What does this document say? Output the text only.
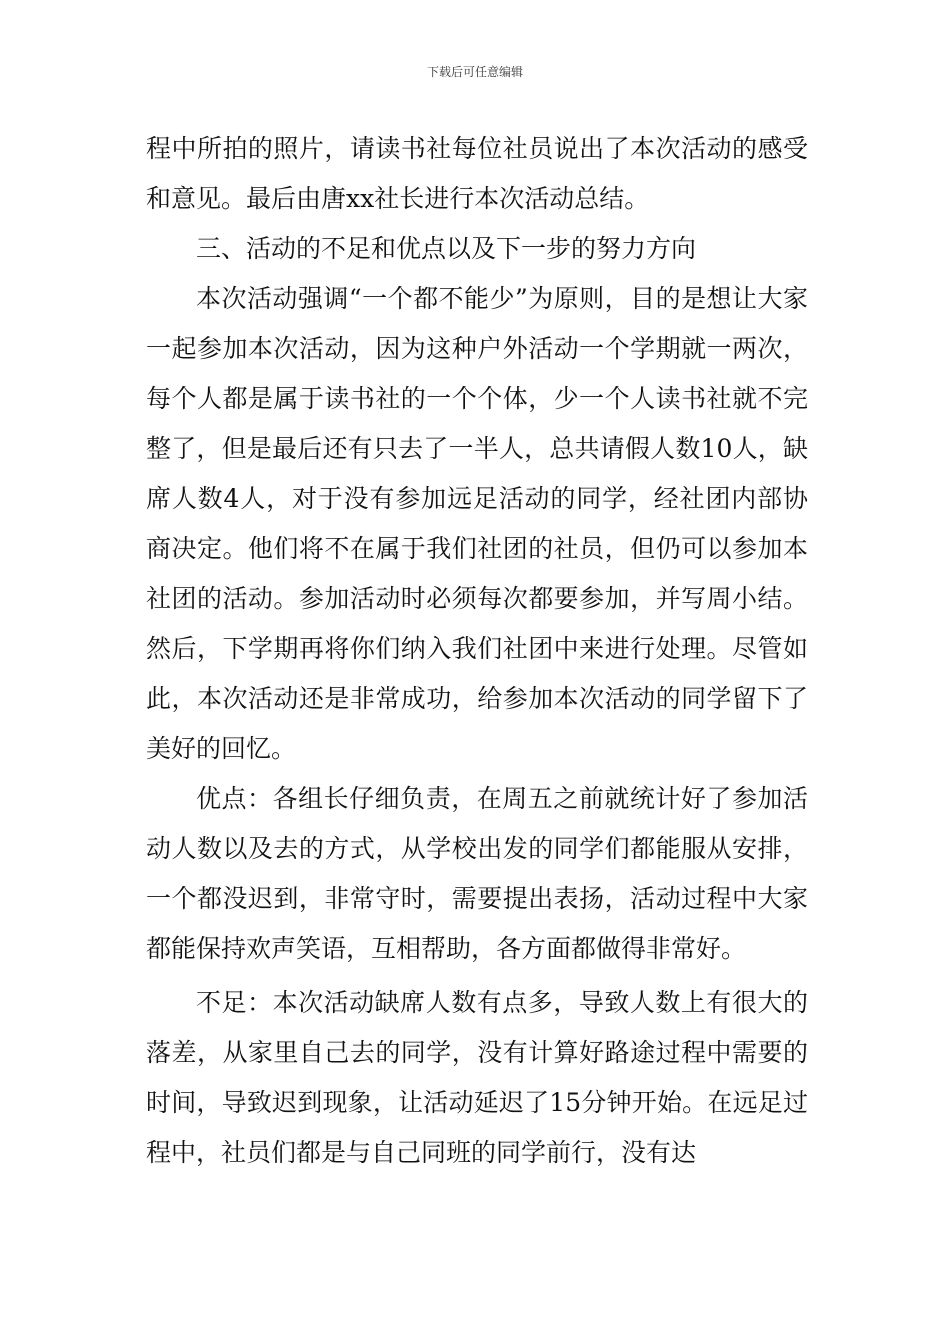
下载后可任意编辑

程中所拍的照片，请读书社每位社员说出了本次活动的感受和意见。最后由唐xx社长进行本次活动总结。

三、活动的不足和优点以及下一步的努力方向

本次活动强调“一个都不能少”为原则，目的是想让大家一起参加本次活动，因为这种户外活动一个学期就一两次，每个人都是属于读书社的一个个体，少一个人读书社就不完整了，但是最后还有只去了一半人，总共请假人数10人，缺席人数4人，对于没有参加远足活动的同学，经社团内部协商决定。他们将不在属于我们社团的社员，但仍可以参加本社团的活动。参加活动时必须每次都要参加，并写周小结。然后，下学期再将你们纳入我们社团中来进行处理。尽管如此，本次活动还是非常成功，给参加本次活动的同学留下了美好的回忆。

优点：各组长仔细负责，在周五之前就统计好了参加活动人数以及去的方式，从学校出发的同学们都能服从安排，一个都没迟到，非常守时，需要提出表扬，活动过程中大家都能保持欢声笑语，互相帮助，各方面都做得非常好。

不足：本次活动缺席人数有点多，导致人数上有很大的落差，从家里自己去的同学，没有计算好路途过程中需要的时间，导致迟到现象，让活动延迟了15分钟开始。在远足过程中，社员们都是与自己同班的同学前行，没有达
